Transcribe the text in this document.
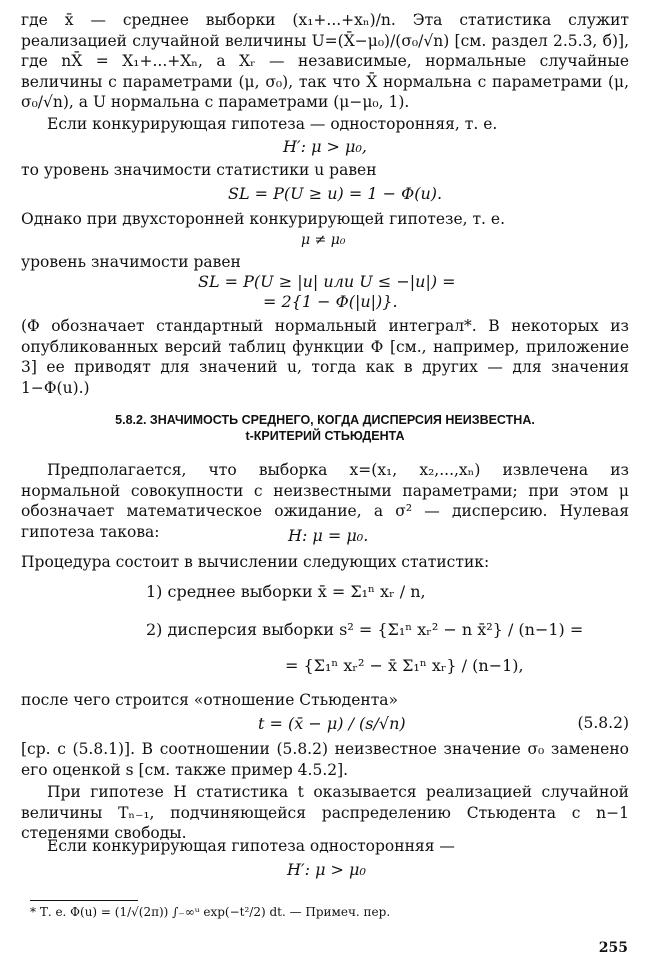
где x̄ — среднее выборки (x₁+...+xₙ)/n. Эта статистика служит реализацией случайной величины U=(X̄−μ₀)/(σ₀/√n) [см. раздел 2.5.3, б)], где nX̄ = X₁+...+Xₙ, а Xᵣ — независимые, нормальные случайные величины с параметрами (μ, σ₀), так что X̄ нормальна с параметрами (μ, σ₀/√n), а U нормальна с параметрами (μ−μ₀, 1).

Если конкурирующая гипотеза — односторонняя, т. е.

H′: μ > μ₀,

то уровень значимости статистики u равен

SL = P(U ≥ u) = 1 − Φ(u).

Однако при двухсторонней конкурирующей гипотезе, т. е.

μ ≠ μ₀

уровень значимости равен

SL = P(U ≥ |u| или U ≤ −|u|) =

= 2{1 − Φ(|u|)}.

(Φ обозначает стандартный нормальный интеграл*. В некоторых из опубликованных версий таблиц функции Φ [см., например, приложение 3] ее приводят для значений u, тогда как в других — для значения 1−Φ(u).)

5.8.2. ЗНАЧИМОСТЬ СРЕДНЕГО, КОГДА ДИСПЕРСИЯ НЕИЗВЕСТНА.

t-КРИТЕРИЙ СТЬЮДЕНТА

Предполагается, что выборка x=(x₁, x₂,...,xₙ) извлечена из нормальной совокупности с неизвестными параметрами; при этом μ обозначает математическое ожидание, а σ² — дисперсию. Нулевая гипотеза такова:	H: μ = μ₀.

Процедура состоит в вычислении следующих статистик:

1) среднее выборки x̄ = Σ₁ⁿ xᵣ / n,

2) дисперсия выборки s² = {Σ₁ⁿ xᵣ² − n x̄²} / (n−1) =

= {Σ₁ⁿ xᵣ² − x̄ Σ₁ⁿ xᵣ} / (n−1),

после чего строится «отношение Стьюдента»

t = (x̄ − μ) / (s/√n)	(5.8.2)

[ср. с (5.8.1)]. В соотношении (5.8.2) неизвестное значение σ₀ заменено его оценкой s [см. также пример 4.5.2].

При гипотезе H статистика t оказывается реализацией случайной величины Tₙ₋₁, подчиняющейся распределению Стьюдента с n−1 степенями свободы.

Если конкурирующая гипотеза односторонняя —

H′: μ > μ₀

* Т. е. Φ(u) = (1/√(2π)) ∫₋∞ᵘ exp(−t²/2) dt. — Примеч. пер.

255
